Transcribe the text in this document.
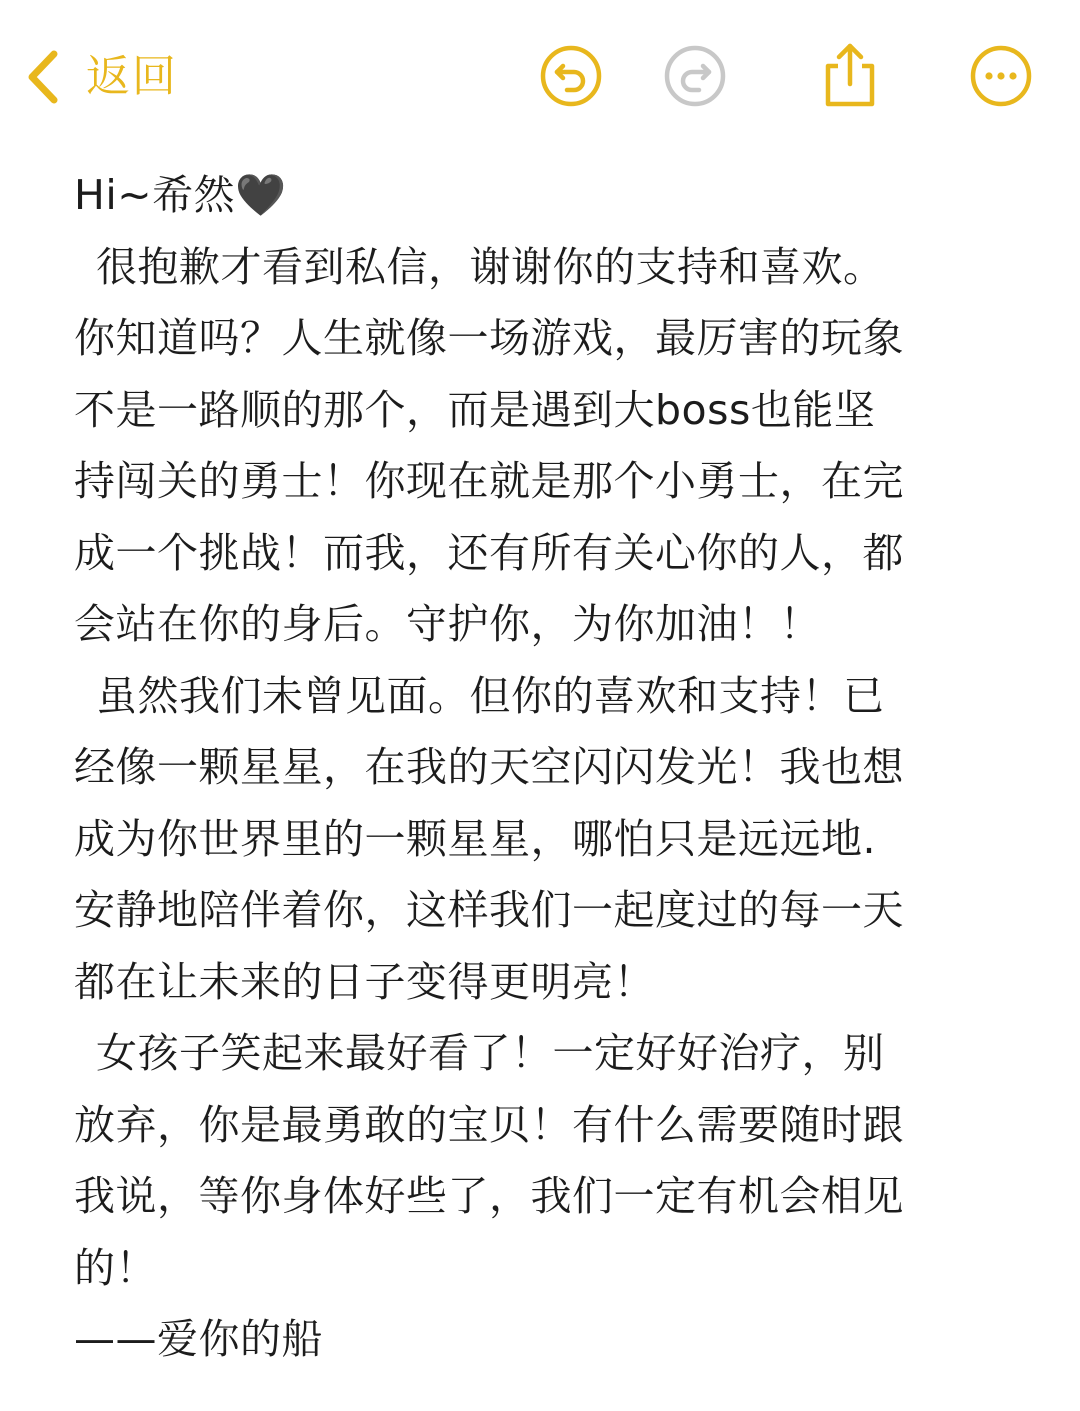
返回
Hi~希然🖤
很抱歉才看到私信，谢谢你的支持和喜欢。
你知道吗？人生就像一场游戏，最厉害的玩象
不是一路顺的那个，而是遇到大boss也能坚
持闯关的勇士！你现在就是那个小勇士，在完
成一个挑战！而我，还有所有关心你的人，都
会站在你的身后。守护你，为你加油！！
虽然我们未曾见面。但你的喜欢和支持！已
经像一颗星星，在我的天空闪闪发光！我也想
成为你世界里的一颗星星，哪怕只是远远地.
安静地陪伴着你，这样我们一起度过的每一天
都在让未来的日子变得更明亮！
女孩子笑起来最好看了！一定好好治疗，别
放弃，你是最勇敢的宝贝！有什么需要随时跟
我说，等你身体好些了，我们一定有机会相见
的！
——爱你的船
